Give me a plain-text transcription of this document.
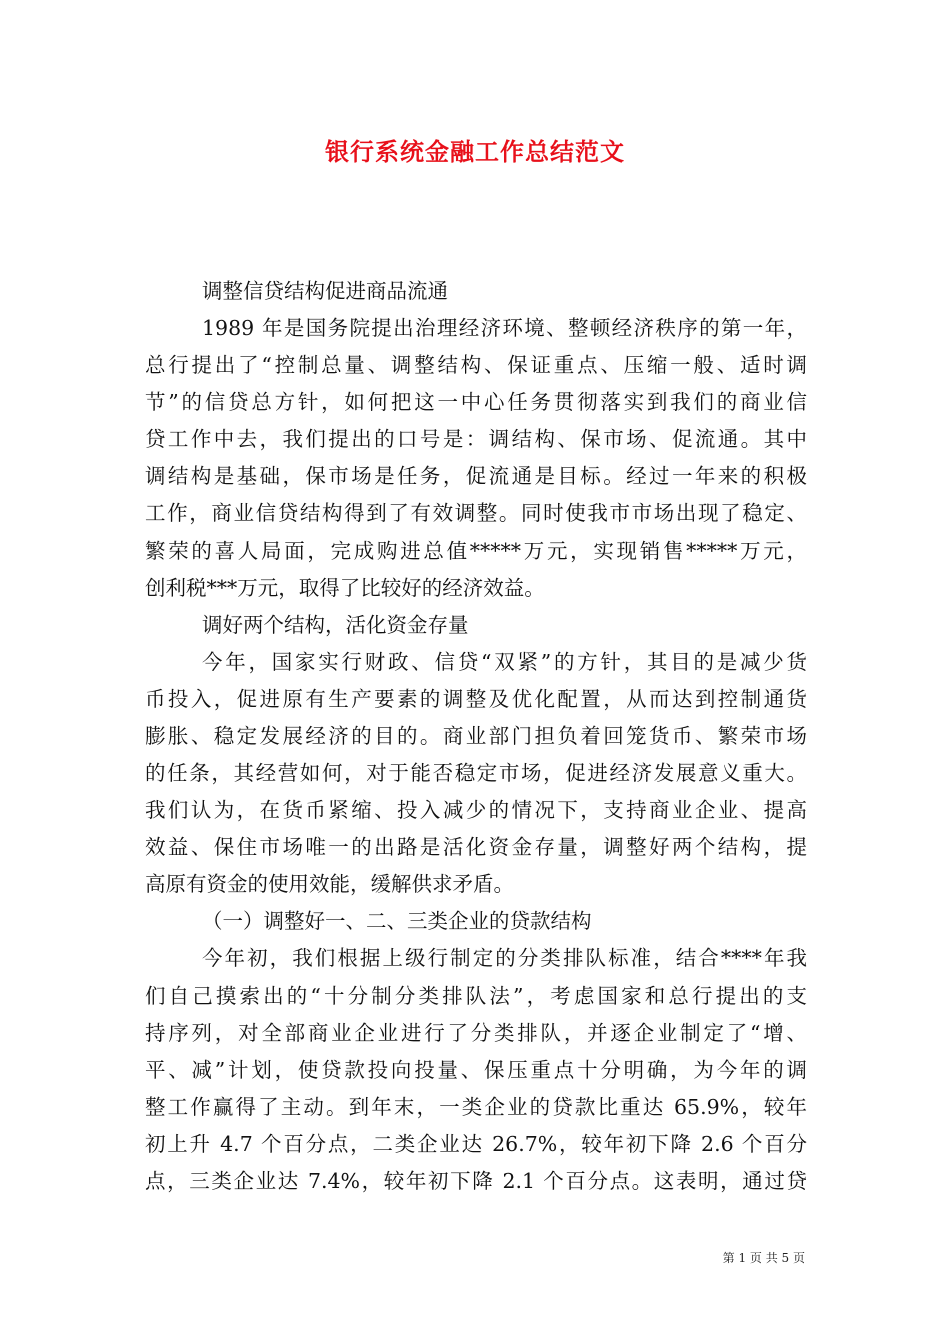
银行系统金融工作总结范文
调整信贷结构促进商品流通
1989 年是国务院提出治理经济环境、整顿经济秩序的第一年，
总行提出了“控制总量、调整结构、保证重点、压缩一般、适时调
节”的信贷总方针，如何把这一中心任务贯彻落实到我们的商业信
贷工作中去，我们提出的口号是：调结构、保市场、促流通。其中
调结构是基础，保市场是任务，促流通是目标。经过一年来的积极
工作，商业信贷结构得到了有效调整。同时使我市市场出现了稳定、
繁荣的喜人局面，完成购进总值*****万元，实现销售*****万元，
创利税***万元，取得了比较好的经济效益。
调好两个结构，活化资金存量
今年，国家实行财政、信贷“双紧”的方针，其目的是减少货
币投入，促进原有生产要素的调整及优化配置，从而达到控制通货
膨胀、稳定发展经济的目的。商业部门担负着回笼货币、繁荣市场
的任条，其经营如何，对于能否稳定市场，促进经济发展意义重大。
我们认为，在货币紧缩、投入减少的情况下，支持商业企业、提高
效益、保住市场唯一的出路是活化资金存量，调整好两个结构，提
高原有资金的使用效能，缓解供求矛盾。
（一）调整好一、二、三类企业的贷款结构
今年初，我们根据上级行制定的分类排队标准，结合****年我
们自己摸索出的“十分制分类排队法”，考虑国家和总行提出的支
持序列，对全部商业企业进行了分类排队，并逐企业制定了“增、
平、减”计划，使贷款投向投量、保压重点十分明确，为今年的调
整工作赢得了主动。到年末，一类企业的贷款比重达 65.9%，较年
初上升 4.7 个百分点，二类企业达 26.7%，较年初下降 2.6 个百分
点，三类企业达 7.4%，较年初下降 2.1 个百分点。这表明，通过贷
第 1 页 共 5 页
